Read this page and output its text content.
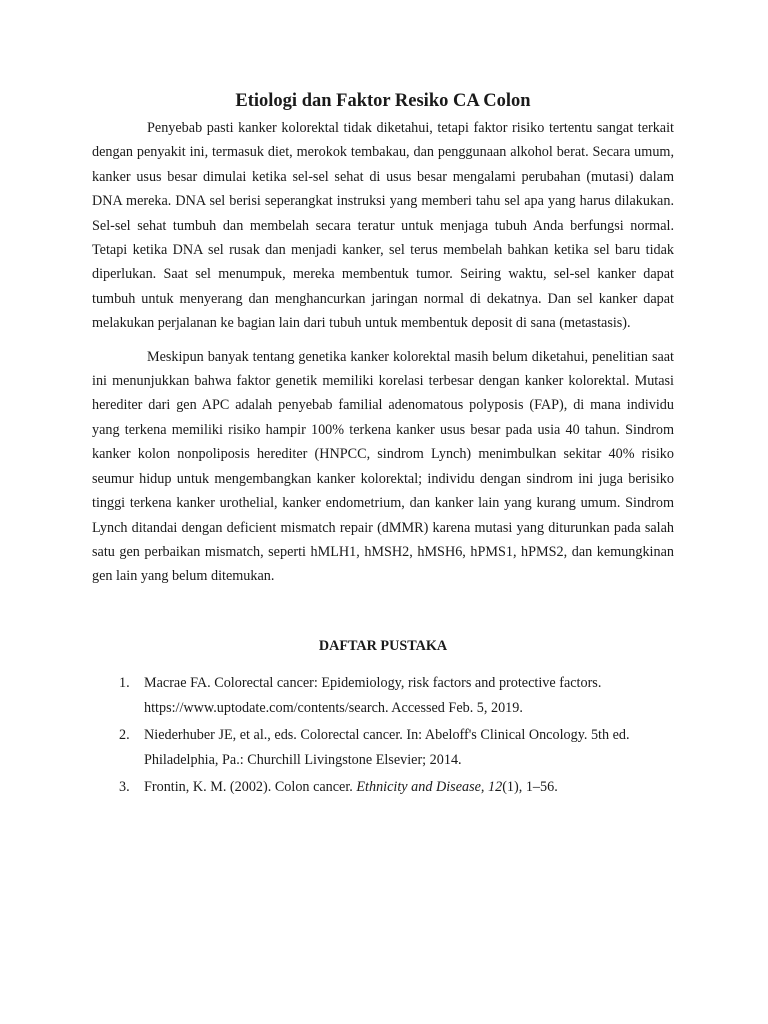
Etiologi dan Faktor Resiko CA Colon

Penyebab pasti kanker kolorektal tidak diketahui, tetapi faktor risiko tertentu sangat terkait dengan penyakit ini, termasuk diet, merokok tembakau, dan penggunaan alkohol berat. Secara umum, kanker usus besar dimulai ketika sel-sel sehat di usus besar mengalami perubahan (mutasi) dalam DNA mereka. DNA sel berisi seperangkat instruksi yang memberi tahu sel apa yang harus dilakukan. Sel-sel sehat tumbuh dan membelah secara teratur untuk menjaga tubuh Anda berfungsi normal. Tetapi ketika DNA sel rusak dan menjadi kanker, sel terus membelah bahkan ketika sel baru tidak diperlukan. Saat sel menumpuk, mereka membentuk tumor. Seiring waktu, sel-sel kanker dapat tumbuh untuk menyerang dan menghancurkan jaringan normal di dekatnya. Dan sel kanker dapat melakukan perjalanan ke bagian lain dari tubuh untuk membentuk deposit di sana (metastasis).

Meskipun banyak tentang genetika kanker kolorektal masih belum diketahui, penelitian saat ini menunjukkan bahwa faktor genetik memiliki korelasi terbesar dengan kanker kolorektal. Mutasi herediter dari gen APC adalah penyebab familial adenomatous polyposis (FAP), di mana individu yang terkena memiliki risiko hampir 100% terkena kanker usus besar pada usia 40 tahun. Sindrom kanker kolon nonpoliposis herediter (HNPCC, sindrom Lynch) menimbulkan sekitar 40% risiko seumur hidup untuk mengembangkan kanker kolorektal; individu dengan sindrom ini juga berisiko tinggi terkena kanker urothelial, kanker endometrium, dan kanker lain yang kurang umum. Sindrom Lynch ditandai dengan deficient mismatch repair (dMMR) karena mutasi yang diturunkan pada salah satu gen perbaikan mismatch, seperti hMLH1, hMSH2, hMSH6, hPMS1, hPMS2, dan kemungkinan gen lain yang belum ditemukan.

DAFTAR PUSTAKA
1. Macrae FA. Colorectal cancer: Epidemiology, risk factors and protective factors. https://www.uptodate.com/contents/search. Accessed Feb. 5, 2019.
2. Niederhuber JE, et al., eds. Colorectal cancer. In: Abeloff's Clinical Oncology. 5th ed. Philadelphia, Pa.: Churchill Livingstone Elsevier; 2014.
3. Frontin, K. M. (2002). Colon cancer. Ethnicity and Disease, 12(1), 1–56.
